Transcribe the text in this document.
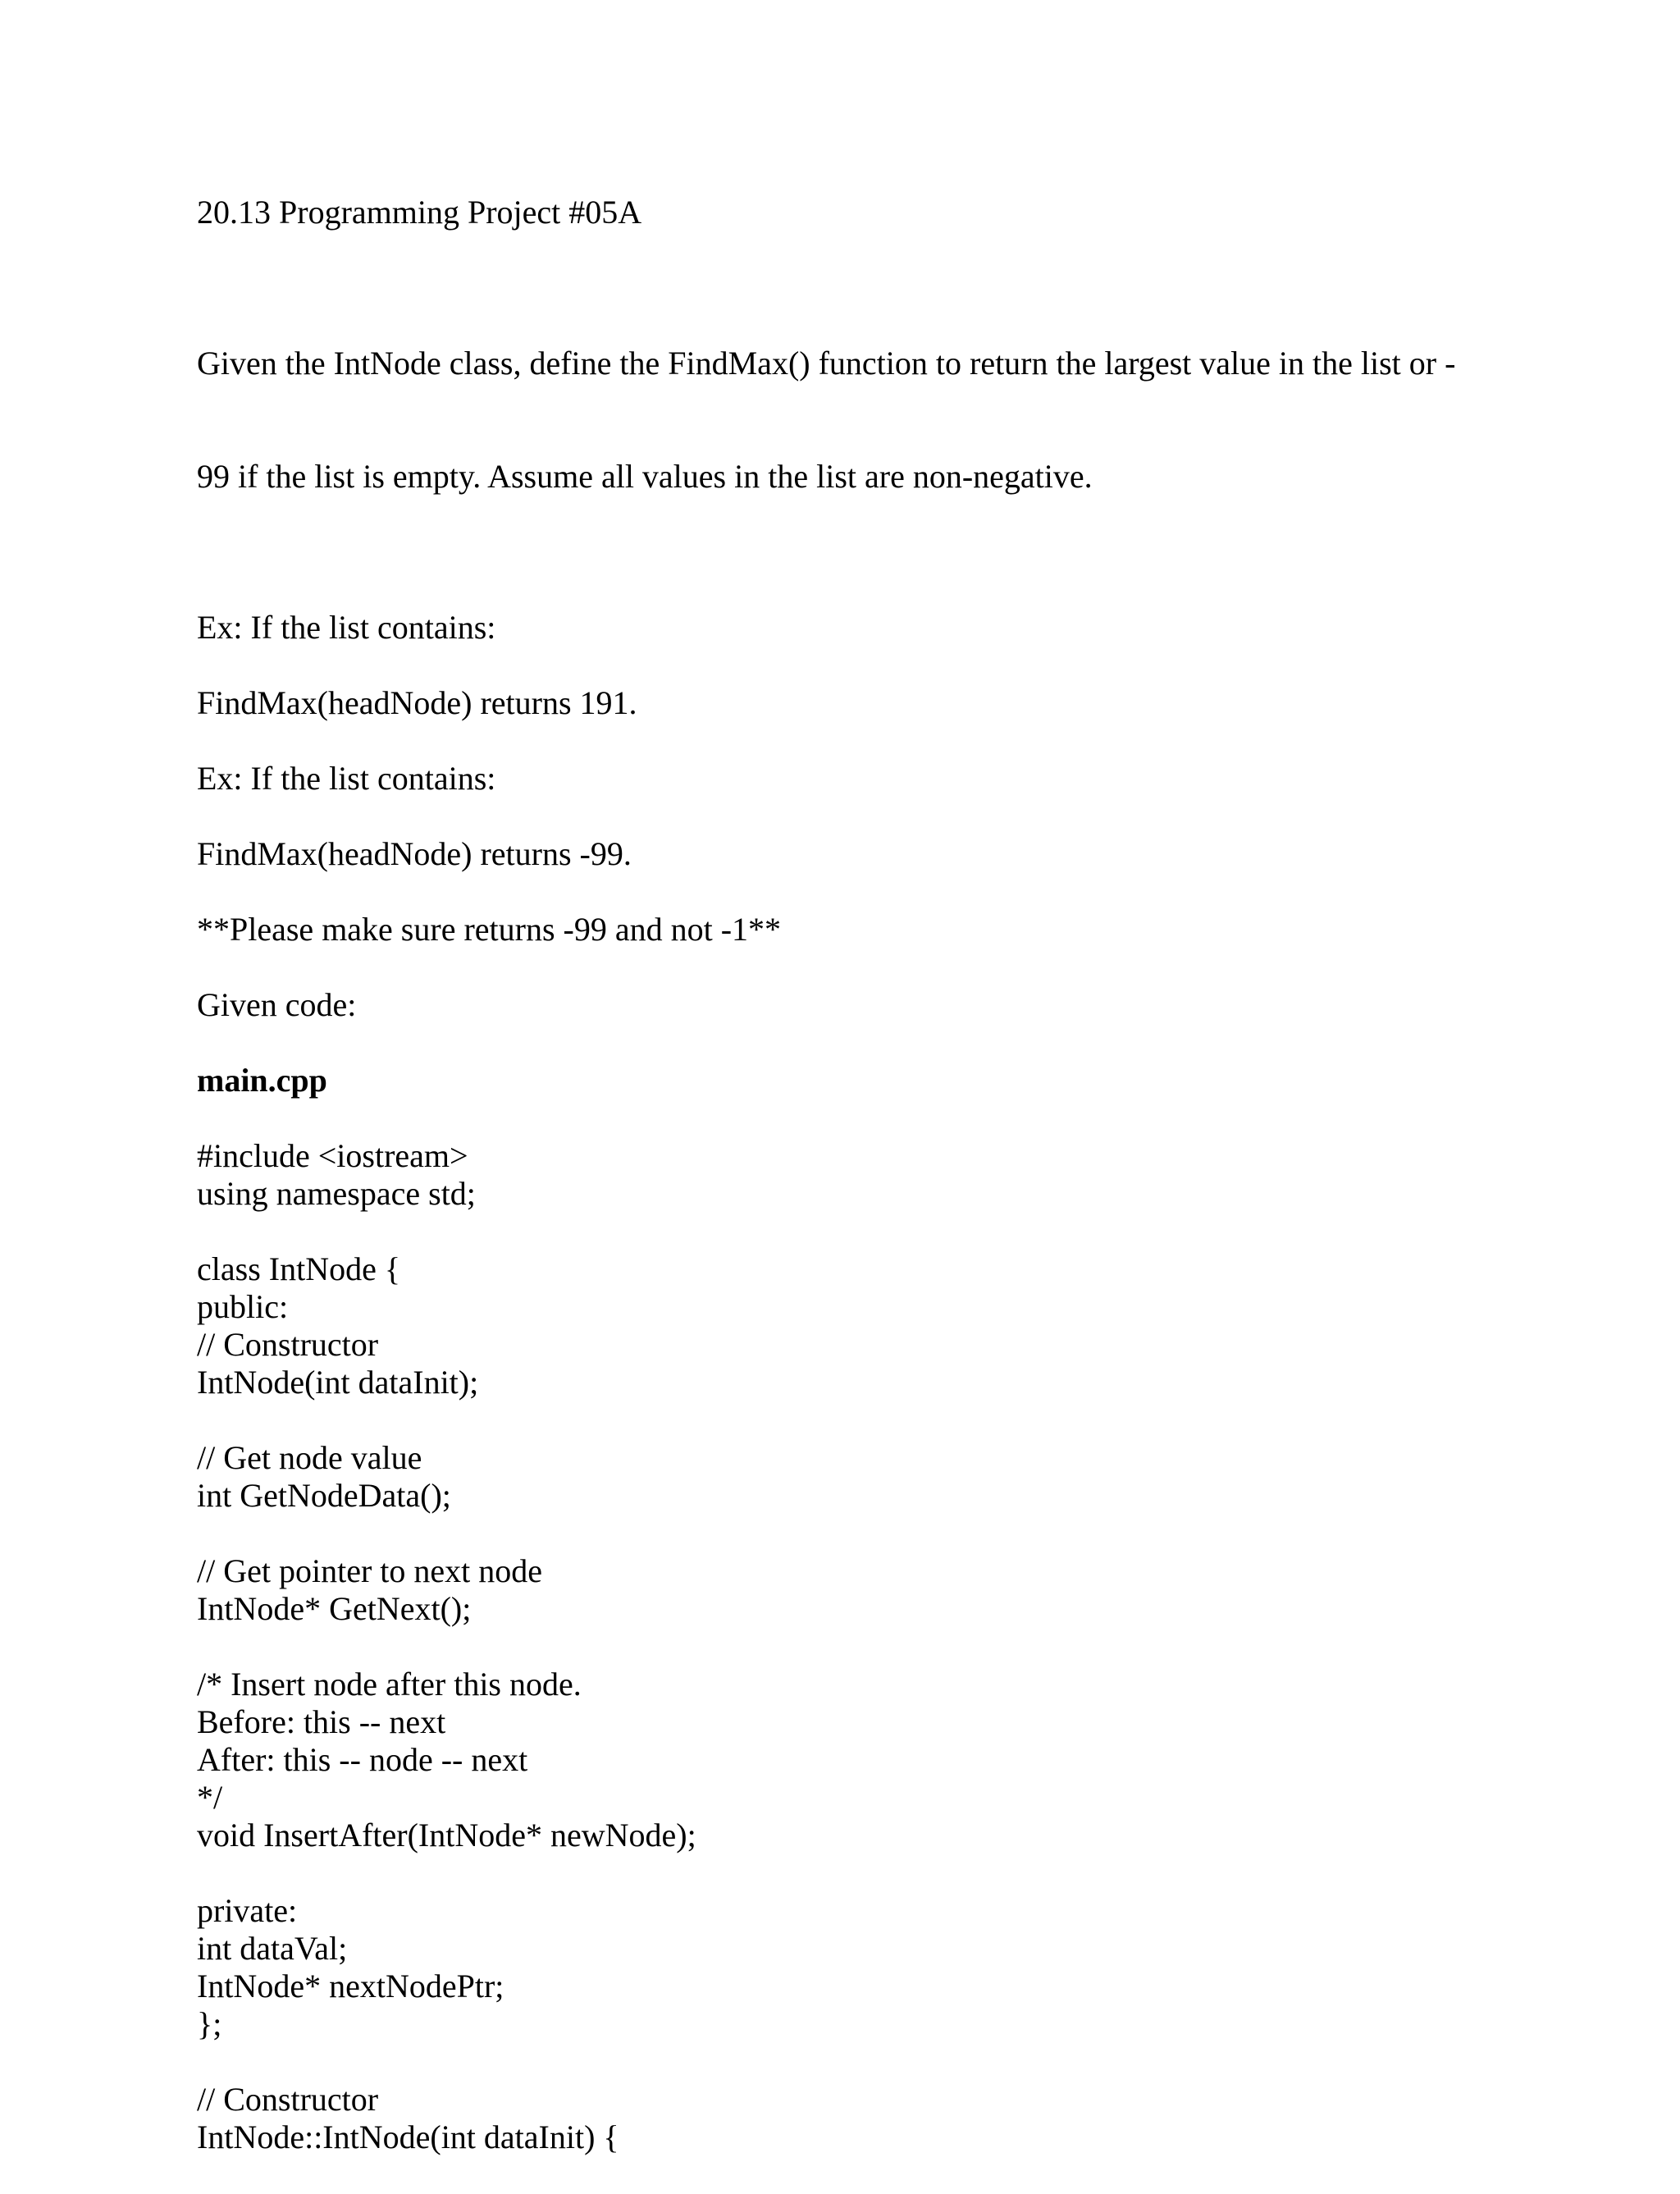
20.13 Programming Project #05A

Given the IntNode class, define the FindMax() function to return the largest value in the list or -

99 if the list is empty. Assume all values in the list are non-negative.

Ex: If the list contains:
FindMax(headNode) returns 191.
Ex: If the list contains:
FindMax(headNode) returns -99.
**Please make sure returns -99 and not -1**
Given code:
main.cpp
#include <iostream>
using namespace std;
class IntNode {
public:
// Constructor
IntNode(int dataInit);
// Get node value
int GetNodeData();
// Get pointer to next node
IntNode* GetNext();
/* Insert node after this node.
Before: this -- next
After: this -- node -- next
*/
void InsertAfter(IntNode* newNode);
private:
int dataVal;
IntNode* nextNodePtr;
};
// Constructor
IntNode::IntNode(int dataInit) {
